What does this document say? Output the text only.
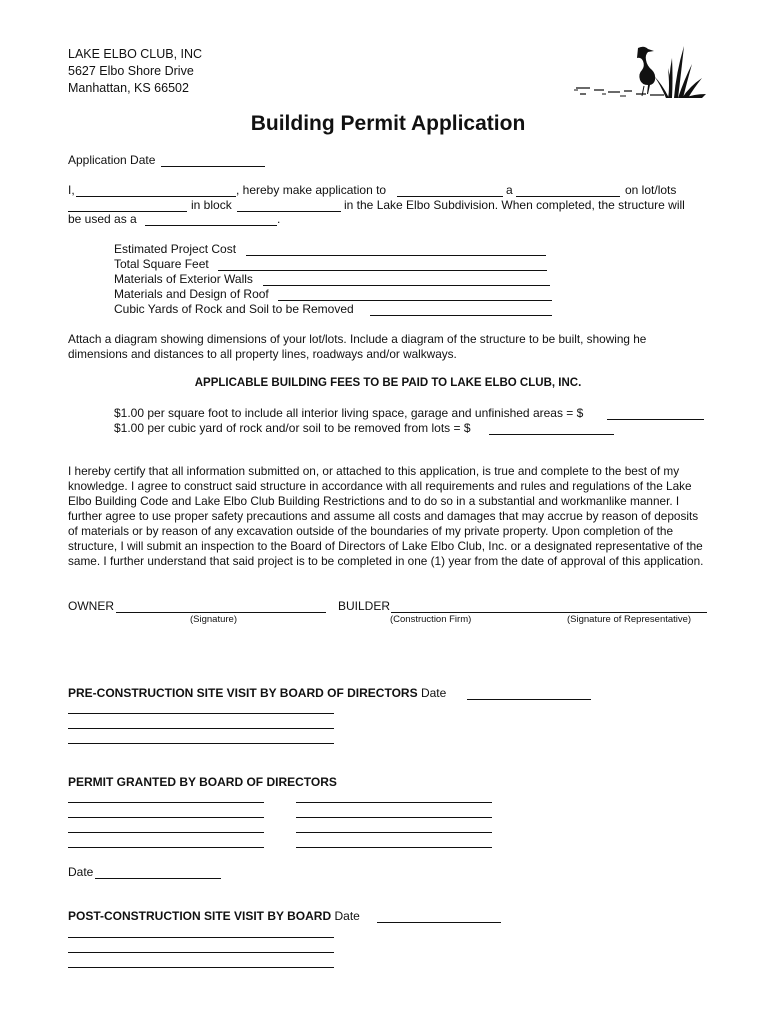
LAKE ELBO CLUB, INC
5627 Elbo Shore Drive
Manhattan, KS 66502
Building Permit Application
Application Date
I,	, hereby make application to	a	on lot/lots
in block	in the Lake Elbo Subdivision. When completed, the structure will
be used as a	.
Estimated Project Cost
Total Square Feet
Materials of Exterior Walls
Materials and Design of Roof
Cubic Yards of Rock and Soil to be Removed
Attach a diagram showing dimensions of your lot/lots. Include a diagram of the structure to be built, showing he dimensions and distances to all property lines, roadways and/or walkways.
APPLICABLE BUILDING FEES TO BE PAID TO LAKE ELBO CLUB, INC.
$1.00 per square foot to include all interior living space, garage and unfinished areas = $
$1.00 per cubic yard of rock and/or soil to be removed from lots = $
I hereby certify that all information submitted on, or attached to this application, is true and complete to the best of my knowledge. I agree to construct said structure in accordance with all requirements and rules and regulations of the Lake Elbo Building Code and Lake Elbo Club Building Restrictions and to do so in a substantial and workmanlike manner. I further agree to use proper safety precautions and assume all costs and damages that may accrue by reason of deposits of materials or by reason of any excavation outside of the boundaries of my private property. Upon completion of the structure, I will submit an inspection to the Board of Directors of Lake Elbo Club, Inc. or a designated representative of the same. I further understand that said project is to be completed in one (1) year from the date of approval of this application.
OWNER	BUILDER
(Signature)	(Construction Firm)	(Signature of Representative)
PRE-CONSTRUCTION SITE VISIT BY BOARD OF DIRECTORS Date
PERMIT GRANTED BY BOARD OF DIRECTORS
Date
POST-CONSTRUCTION SITE VISIT BY BOARD Date
